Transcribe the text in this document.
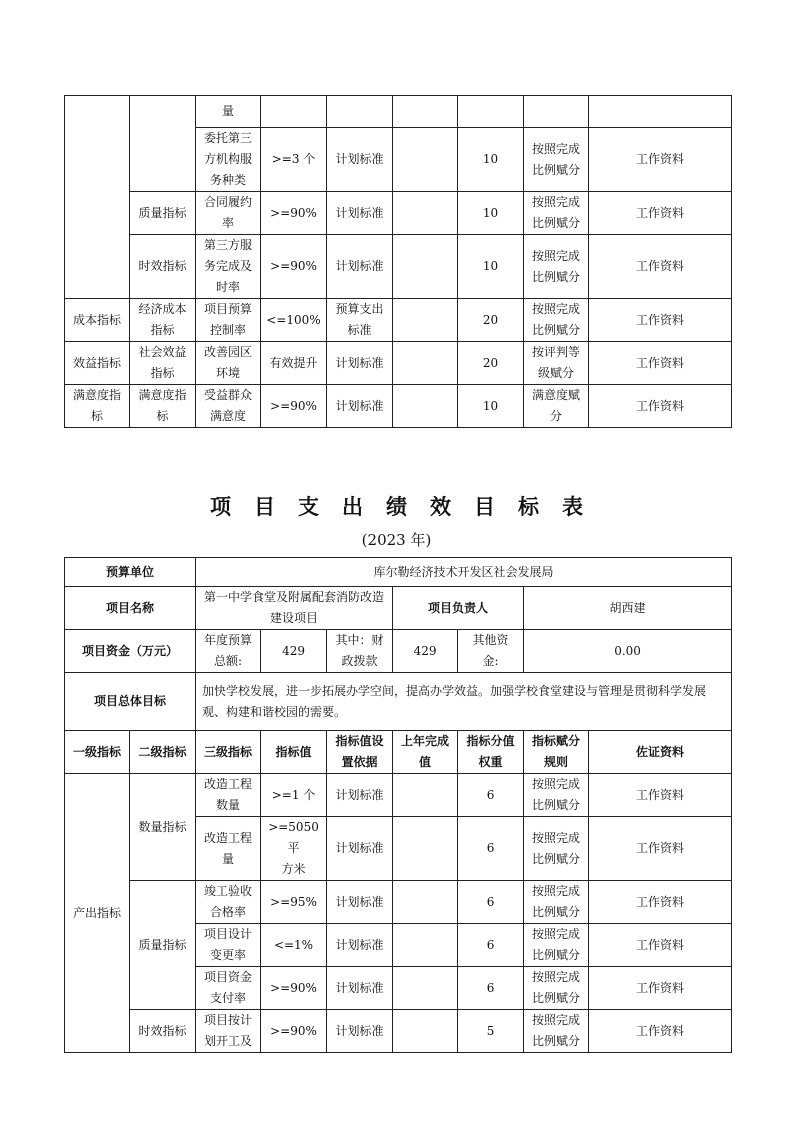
		量						
		委托第三
方机构服
务种类	>=3 个	计划标准		10	按照完成
比例赋分	工作资料
	质量指标	合同履约
率	>=90%	计划标准		10	按照完成
比例赋分	工作资料
	时效指标	第三方服
务完成及
时率	>=90%	计划标准		10	按照完成
比例赋分	工作资料
成本指标	经济成本
指标	项目预算
控制率	<=100%	预算支出
标准		20	按照完成
比例赋分	工作资料
效益指标	社会效益
指标	改善园区
环境	有效提升	计划标准		20	按评判等
级赋分	工作资料
满意度指
标	满意度指
标	受益群众
满意度	>=90%	计划标准		10	满意度赋
分	工作资料
项目支出绩效目标表
(2023 年)
预算单位		库尔勒经济技术开发区社会发展局						
项目名称		第一中学食堂及附属配套消防改造
建设项目			项目负责人		胡西建	
项目资金（万元）		年度预算
总额:	429	其中：财
政拨款	429	其他资
金:	0.00	
项目总体目标		加快学校发展，进一步拓展办学空间，提高办学效益。加强学校食堂建设与管理是贯彻科学发展观、构建和谐校园的需要。						
一级指标	二级指标	三级指标	指标值	指标值设
置依据	上年完成
值	指标分值
权重	指标赋分
规则	佐证资料
产出指标	数量指标	改造工程
数量	>=1 个	计划标准		6	按照完成
比例赋分	工作资料
		改造工程
量	>=5050 平
方米	计划标准		6	按照完成
比例赋分	工作资料
	质量指标	竣工验收
合格率	>=95%	计划标准		6	按照完成
比例赋分	工作资料
		项目设计
变更率	<=1%	计划标准		6	按照完成
比例赋分	工作资料
		项目资金
支付率	>=90%	计划标准		6	按照完成
比例赋分	工作资料
	时效指标	项目按计
划开工及	>=90%	计划标准		5	按照完成
比例赋分	工作资料
